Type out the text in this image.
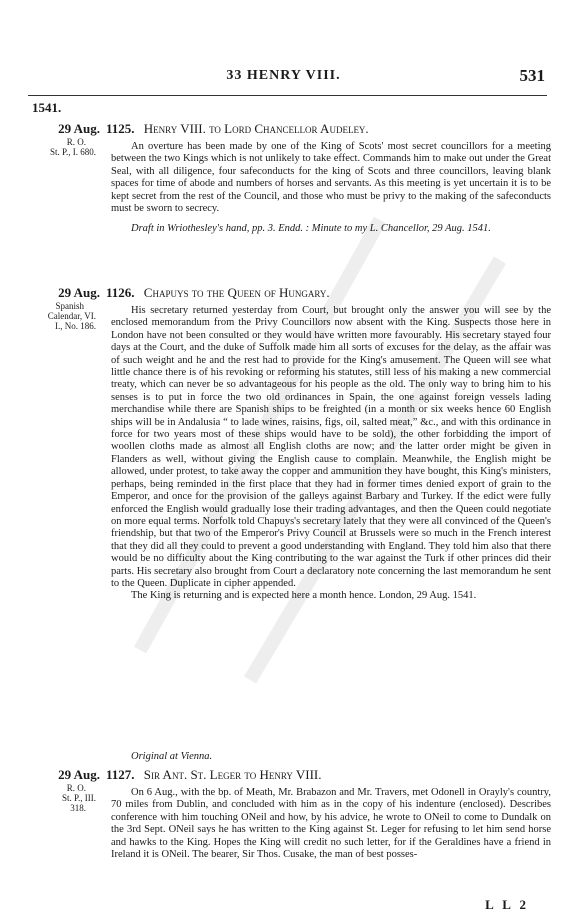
33 HENRY VIII.	531
1541.
29 Aug.
R. O.
St. P., I. 680.
1125. Henry VIII. to Lord Chancellor Audeley.

An overture has been made by one of the King of Scots' most secret councillors for a meeting between the two Kings which is not unlikely to take effect. Commands him to make out under the Great Seal, with all diligence, four safeconducts for the king of Scots and three councillors, leaving blank spaces for time of abode and numbers of horses and servants. As this meeting is yet uncertain it is to be kept secret from the rest of the Council, and those who must be privy to the making of the safeconducts must be sworn to secrecy.

Draft in Wriothesley's hand, pp. 3. Endd. : Minute to my L. Chancellor, 29 Aug. 1541.
29 Aug.
Spanish
Calendar, VI.
I., No. 186.
1126. Chapuys to the Queen of Hungary.

His secretary returned yesterday from Court, but brought only the answer you will see by the enclosed memorandum from the Privy Councillors now absent with the King. Suspects those here in London have not been consulted or they would have written more favourably. His secretary stayed four days at the Court, and the duke of Suffolk made him all sorts of excuses for the delay, as the affair was of such weight and he and the rest had to provide for the King's amusement. The Queen will see what little chance there is of his revoking or reforming his statutes, still less of his making a new commercial treaty, which can never be so advantageous for his people as the old. The only way to bring him to his senses is to put in force the two old ordinances in Spain, the one against foreign vessels lading merchandise while there are Spanish ships to be freighted (in a month or six weeks hence 60 English ships will be in Andalusia “ to lade wines, raisins, figs, oil, salted meat,” &c., and with this ordinance in force for two years most of these ships would have to be sold), the other forbidding the import of woollen cloths made as almost all English cloths are now; and the latter order might be given in Flanders as well, without giving the English cause to complain. Meanwhile, the English might be allowed, under protest, to take away the copper and ammunition they have bought, this King's ministers, perhaps, being reminded in the first place that they had in former times denied export of grain to the Emperor, and once for the provision of the galleys against Barbary and Turkey. If the edict were fully enforced the English would gradually lose their trading advantages, and then the Queen could negotiate on more equal terms. Norfolk told Chapuys's secretary lately that they were all convinced of the Queen's friendship, but that two of the Emperor's Privy Council at Brussels were so much in the French interest that they did all they could to prevent a good understanding with England. They told him also that there would be no difficulty about the King contributing to the war against the Turk if other princes did their parts. His secretary also brought from Court a declaratory note concerning the last memorandum he sent to the Queen. Duplicate in cipher appended.

The King is returning and is expected here a month hence. London, 29 Aug. 1541.

Original at Vienna.
29 Aug.
R. O.
St. P., III.
318.
1127. Sir Ant. St. Leger to Henry VIII.

On 6 Aug., with the bp. of Meath, Mr. Brabazon and Mr. Travers, met Odonell in Orayly's country, 70 miles from Dublin, and concluded with him as in the copy of his indenture (enclosed). Describes conference with him touching ONeil and how, by his advice, he wrote to ONeil to come to Dundalk on the 3rd Sept. ONeil says he has written to the King against St. Leger for refusing to let him send horse and hawks to the King. Hopes the King will credit no such letter, for if the Geraldines have a friend in Ireland it is ONeil. The bearer, Sir Thos. Cusake, the man of best posses-

L L 2
